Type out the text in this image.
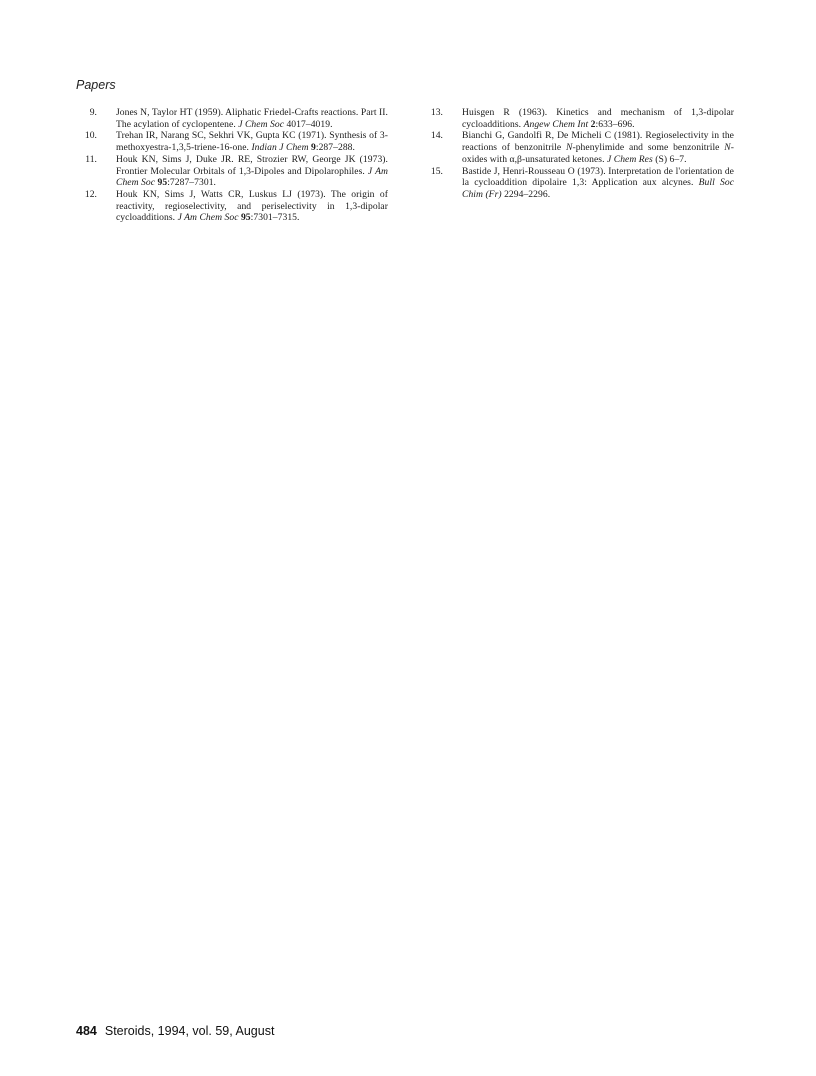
Papers

9. Jones N, Taylor HT (1959). Aliphatic Friedel-Crafts reactions. Part II. The acylation of cyclopentene. J Chem Soc 4017–4019.

10. Trehan IR, Narang SC, Sekhri VK, Gupta KC (1971). Synthesis of 3-methoxyestra-1,3,5-triene-16-one. Indian J Chem 9:287–288.

11. Houk KN, Sims J, Duke JR. RE, Strozier RW, George JK (1973). Frontier Molecular Orbitals of 1,3-Dipoles and Dipolarophiles. J Am Chem Soc 95:7287–7301.

12. Houk KN, Sims J, Watts CR, Luskus LJ (1973). The origin of reactivity, regioselectivity, and periselectivity in 1,3-dipolar cycloadditions. J Am Chem Soc 95:7301–7315.

13. Huisgen R (1963). Kinetics and mechanism of 1,3-dipolar cycloadditions. Angew Chem Int 2:633–696.

14. Bianchi G, Gandolfi R, De Micheli C (1981). Regioselectivity in the reactions of benzonitrile N-phenylimide and some benzonitrile N-oxides with α,β-unsaturated ketones. J Chem Res (S) 6–7.

15. Bastide J, Henri-Rousseau O (1973). Interpretation de l'orientation de la cycloaddition dipolaire 1,3: Application aux alcynes. Bull Soc Chim (Fr) 2294–2296.

484 Steroids, 1994, vol. 59, August
